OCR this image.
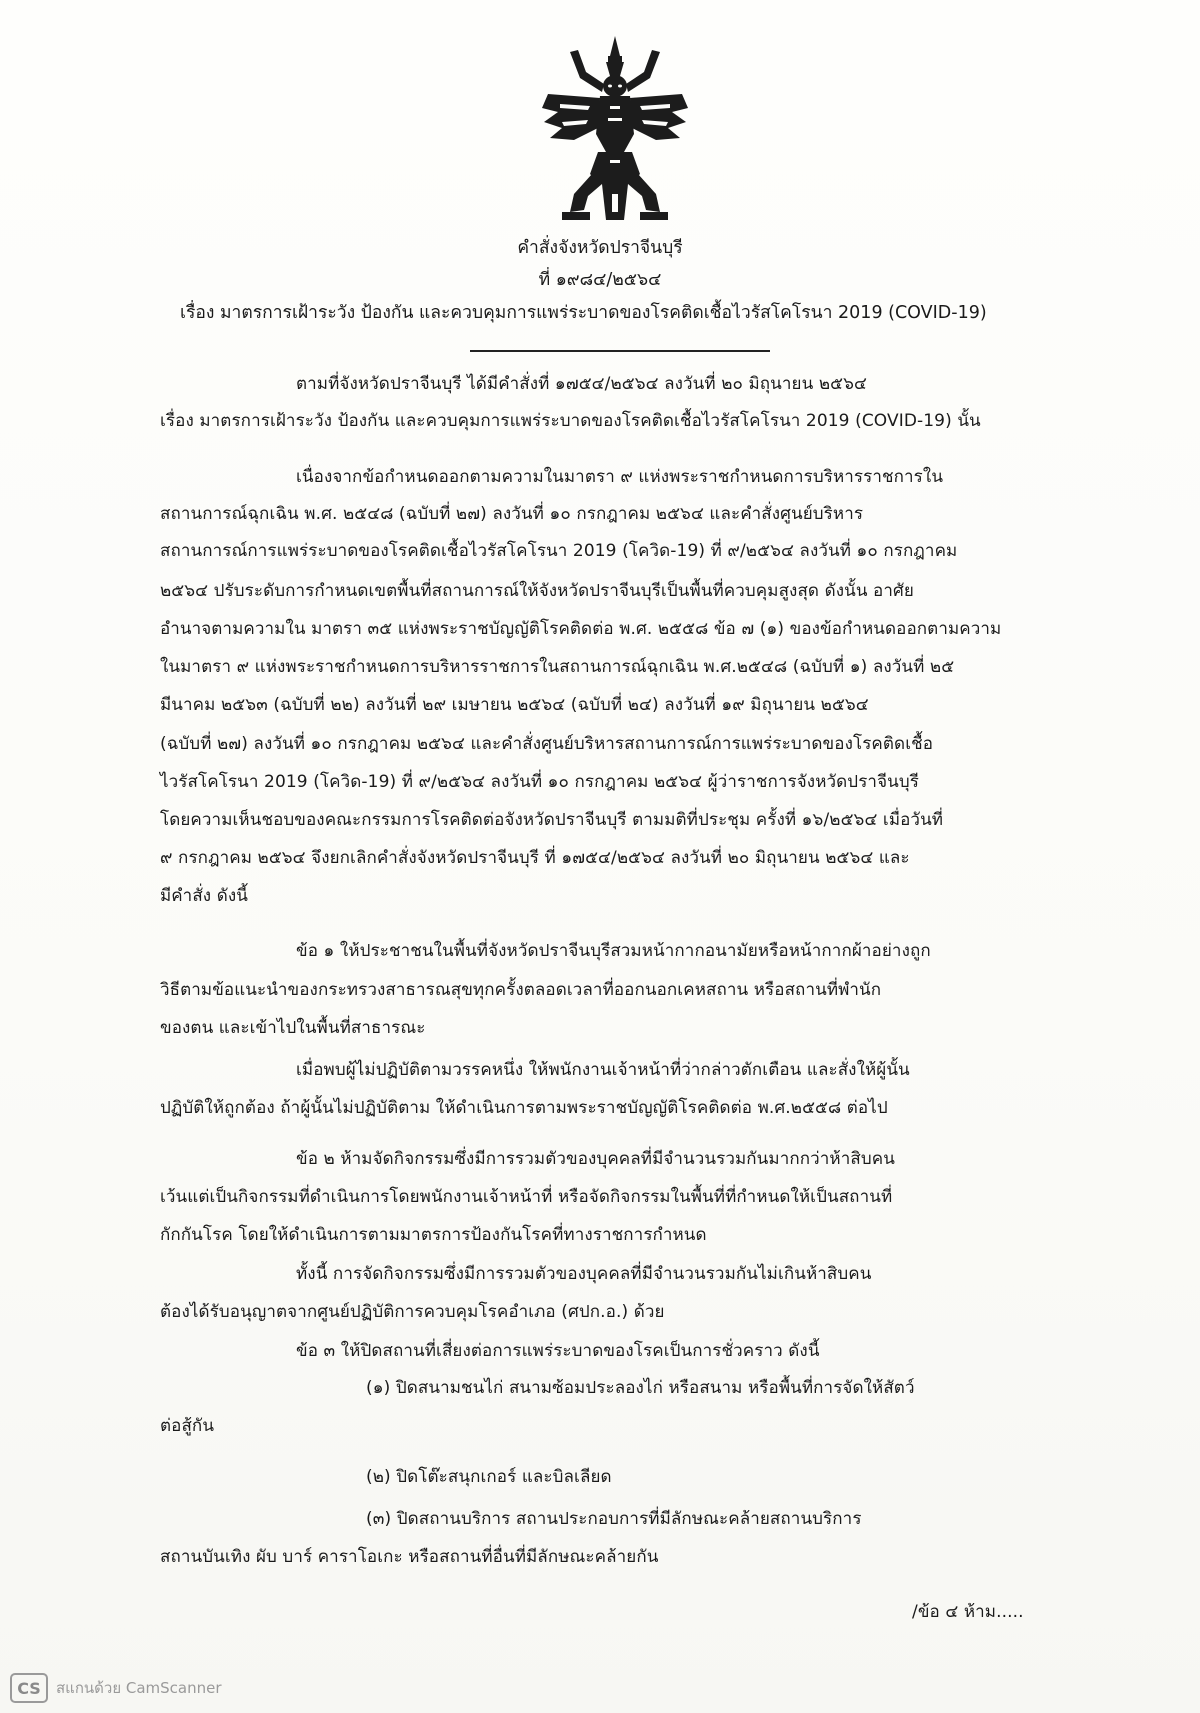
คำสั่งจังหวัดปราจีนบุรี
ที่ ๑๙๘๔/๒๕๖๔
เรื่อง มาตรการเฝ้าระวัง ป้องกัน และควบคุมการแพร่ระบาดของโรคติดเชื้อไวรัสโคโรนา 2019 (COVID-19)
ตามที่จังหวัดปราจีนบุรี ได้มีคำสั่งที่ ๑๗๕๔/๒๕๖๔ ลงวันที่ ๒๐ มิถุนายน ๒๕๖๔
เรื่อง มาตรการเฝ้าระวัง ป้องกัน และควบคุมการแพร่ระบาดของโรคติดเชื้อไวรัสโคโรนา 2019 (COVID-19) นั้น
เนื่องจากข้อกำหนดออกตามความในมาตรา ๙ แห่งพระราชกำหนดการบริหารราชการใน
สถานการณ์ฉุกเฉิน พ.ศ. ๒๕๔๘ (ฉบับที่ ๒๗) ลงวันที่ ๑๐ กรกฎาคม ๒๕๖๔ และคำสั่งศูนย์บริหาร
สถานการณ์การแพร่ระบาดของโรคติดเชื้อไวรัสโคโรนา 2019 (โควิด-19) ที่ ๙/๒๕๖๔ ลงวันที่ ๑๐ กรกฎาคม
๒๕๖๔ ปรับระดับการกำหนดเขตพื้นที่สถานการณ์ให้จังหวัดปราจีนบุรีเป็นพื้นที่ควบคุมสูงสุด ดังนั้น อาศัย
อำนาจตามความใน มาตรา ๓๕ แห่งพระราชบัญญัติโรคติดต่อ พ.ศ. ๒๕๕๘ ข้อ ๗ (๑) ของข้อกำหนดออกตามความ
ในมาตรา ๙ แห่งพระราชกำหนดการบริหารราชการในสถานการณ์ฉุกเฉิน พ.ศ.๒๕๔๘ (ฉบับที่ ๑) ลงวันที่ ๒๕
มีนาคม ๒๕๖๓ (ฉบับที่ ๒๒) ลงวันที่ ๒๙ เมษายน ๒๕๖๔ (ฉบับที่ ๒๔) ลงวันที่ ๑๙ มิถุนายน ๒๕๖๔
(ฉบับที่ ๒๗) ลงวันที่ ๑๐ กรกฎาคม ๒๕๖๔ และคำสั่งศูนย์บริหารสถานการณ์การแพร่ระบาดของโรคติดเชื้อ
ไวรัสโคโรนา 2019 (โควิด-19) ที่ ๙/๒๕๖๔ ลงวันที่ ๑๐ กรกฎาคม ๒๕๖๔ ผู้ว่าราชการจังหวัดปราจีนบุรี
โดยความเห็นชอบของคณะกรรมการโรคติดต่อจังหวัดปราจีนบุรี ตามมติที่ประชุม ครั้งที่ ๑๖/๒๕๖๔ เมื่อวันที่
๙ กรกฎาคม ๒๕๖๔ จึงยกเลิกคำสั่งจังหวัดปราจีนบุรี ที่ ๑๗๕๔/๒๕๖๔ ลงวันที่ ๒๐ มิถุนายน ๒๕๖๔ และ
มีคำสั่ง ดังนี้
ข้อ ๑ ให้ประชาชนในพื้นที่จังหวัดปราจีนบุรีสวมหน้ากากอนามัยหรือหน้ากากผ้าอย่างถูก
วิธีตามข้อแนะนำของกระทรวงสาธารณสุขทุกครั้งตลอดเวลาที่ออกนอกเคหสถาน หรือสถานที่พำนัก
ของตน และเข้าไปในพื้นที่สาธารณะ
เมื่อพบผู้ไม่ปฏิบัติตามวรรคหนึ่ง ให้พนักงานเจ้าหน้าที่ว่ากล่าวตักเตือน และสั่งให้ผู้นั้น
ปฏิบัติให้ถูกต้อง ถ้าผู้นั้นไม่ปฏิบัติตาม ให้ดำเนินการตามพระราชบัญญัติโรคติดต่อ พ.ศ.๒๕๕๘ ต่อไป
ข้อ ๒ ห้ามจัดกิจกรรมซึ่งมีการรวมตัวของบุคคลที่มีจำนวนรวมกันมากกว่าห้าสิบคน
เว้นแต่เป็นกิจกรรมที่ดำเนินการโดยพนักงานเจ้าหน้าที่ หรือจัดกิจกรรมในพื้นที่ที่กำหนดให้เป็นสถานที่
กักกันโรค โดยให้ดำเนินการตามมาตรการป้องกันโรคที่ทางราชการกำหนด
ทั้งนี้ การจัดกิจกรรมซึ่งมีการรวมตัวของบุคคลที่มีจำนวนรวมกันไม่เกินห้าสิบคน
ต้องได้รับอนุญาตจากศูนย์ปฏิบัติการควบคุมโรคอำเภอ (ศปก.อ.) ด้วย
ข้อ ๓ ให้ปิดสถานที่เสี่ยงต่อการแพร่ระบาดของโรคเป็นการชั่วคราว ดังนี้
(๑) ปิดสนามชนไก่ สนามซ้อมประลองไก่ หรือสนาม หรือพื้นที่การจัดให้สัตว์
ต่อสู้กัน
(๒) ปิดโต๊ะสนุกเกอร์ และบิลเลียด
(๓) ปิดสถานบริการ สถานประกอบการที่มีลักษณะคล้ายสถานบริการ
สถานบันเทิง ผับ บาร์ คาราโอเกะ หรือสถานที่อื่นที่มีลักษณะคล้ายกัน
/ข้อ ๔ ห้าม.....
CS	สแกนด้วย CamScanner
